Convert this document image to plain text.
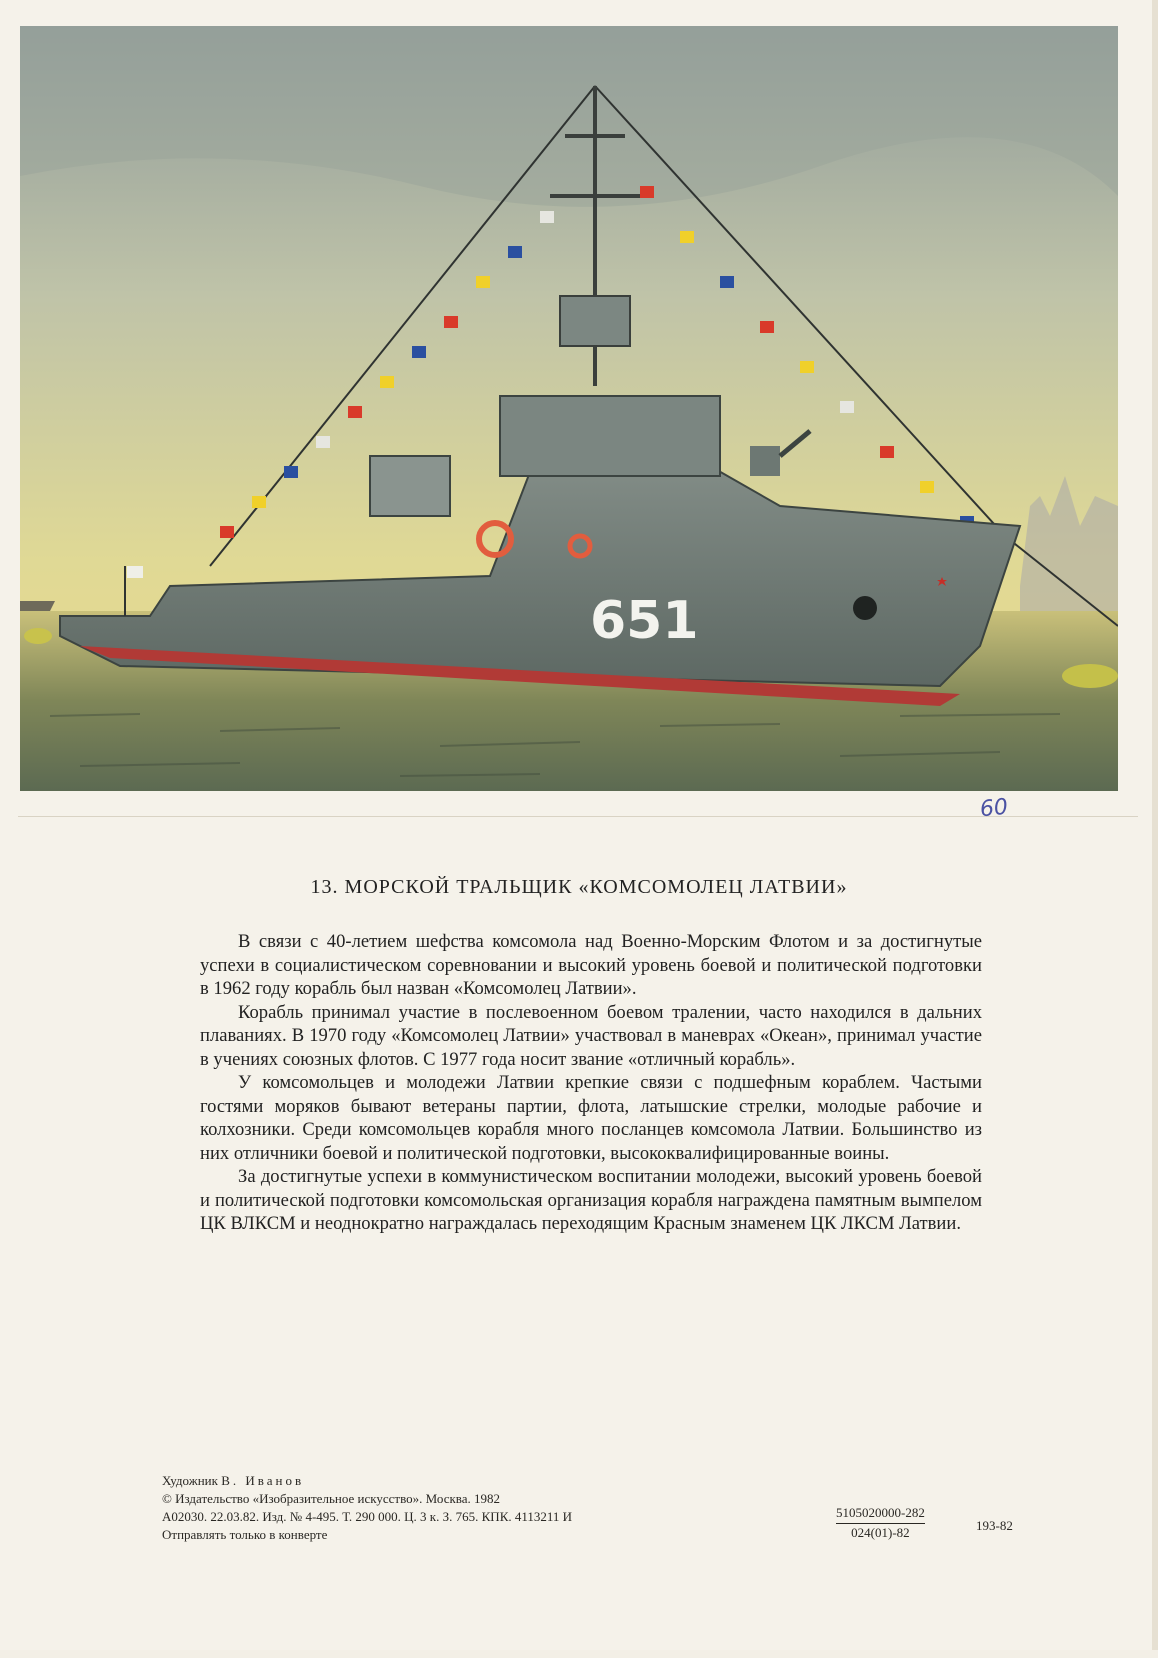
651
60
13. МОРСКОЙ ТРАЛЬЩИК «КОМСОМОЛЕЦ ЛАТВИИ»

В связи с 40-летием шефства комсомола над Военно-Морским Флотом и за достигнутые успехи в социалистическом соревновании и высокий уровень боевой и политической подготовки в 1962 году корабль был назван «Комсомолец Латвии».

Корабль принимал участие в послевоенном боевом тралении, часто находился в дальних плаваниях. В 1970 году «Комсомолец Латвии» участвовал в маневрах «Океан», принимал участие в учениях союзных флотов. С 1977 года носит звание «отличный корабль».

У комсомольцев и молодежи Латвии крепкие связи с подшефным кораблем. Частыми гостями моряков бывают ветераны партии, флота, латышские стрелки, молодые рабочие и колхозники. Среди комсомольцев корабля много посланцев комсомола Латвии. Большинство из них отличники боевой и политической подготовки, высококвалифицированные воины.

За достигнутые успехи в коммунистическом воспитании молодежи, высокий уровень боевой и политической подготовки комсомольская организация корабля награждена памятным вымпелом ЦК ВЛКСМ и неоднократно награждалась переходящим Красным знаменем ЦК ЛКСМ Латвии.

Художник В. Иванов
© Издательство «Изобразительное искусство». Москва. 1982
А02030. 22.03.82. Изд. № 4-495. Т. 290 000. Ц. 3 к. З. 765. КПК. 4113211 И
Отправлять только в конверте	$\frac{5105020000-282}{024(01)-82}$	193-82
